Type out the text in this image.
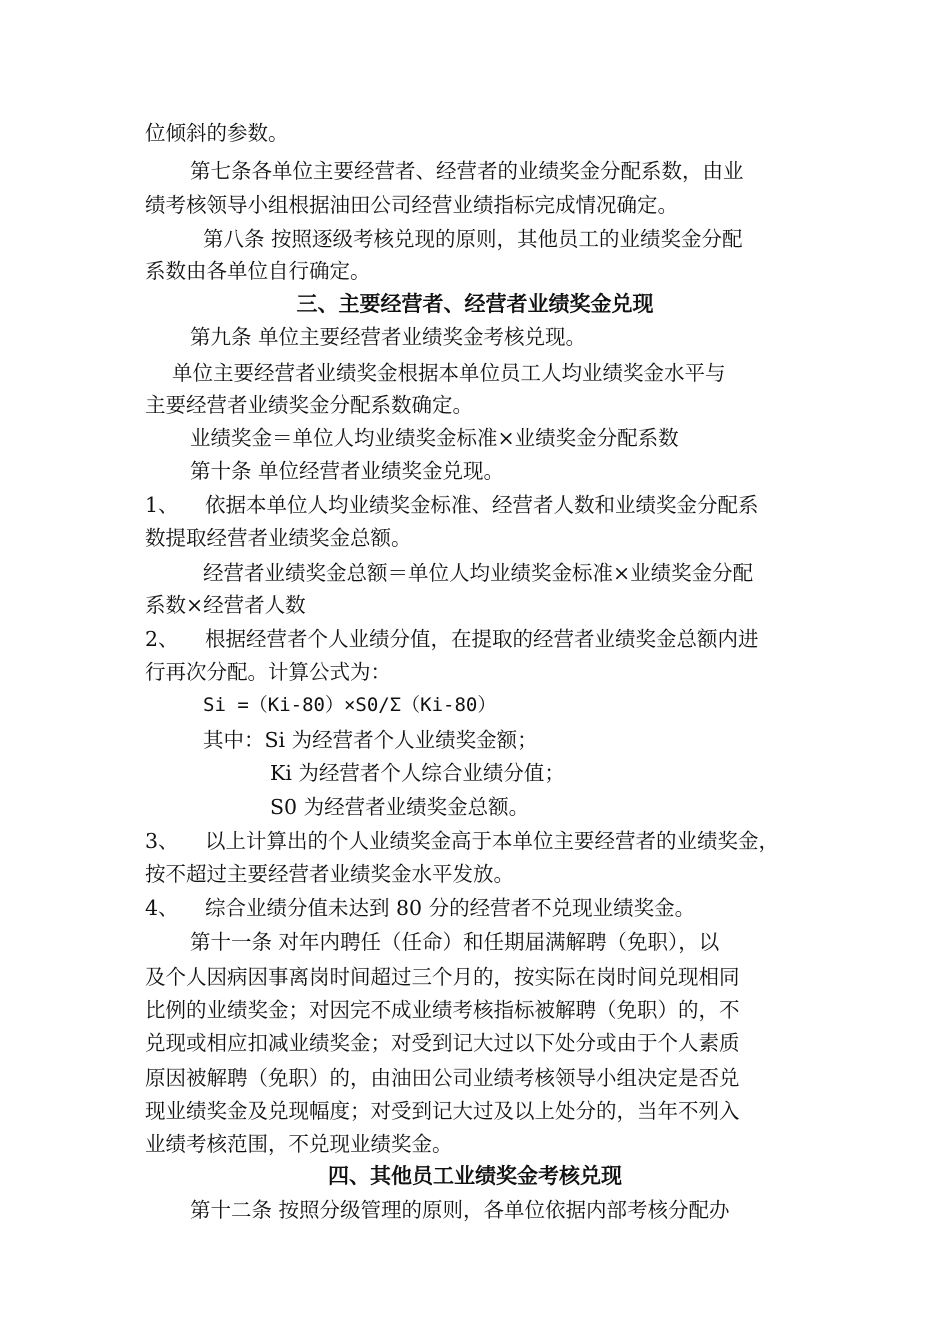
位倾斜的参数。
第七条各单位主要经营者、经营者的业绩奖金分配系数，由业
绩考核领导小组根据油田公司经营业绩指标完成情况确定。
第八条 按照逐级考核兑现的原则，其他员工的业绩奖金分配
系数由各单位自行确定。
三、主要经营者、经营者业绩奖金兑现
第九条 单位主要经营者业绩奖金考核兑现。
单位主要经营者业绩奖金根据本单位员工人均业绩奖金水平与
主要经营者业绩奖金分配系数确定。
业绩奖金＝单位人均业绩奖金标准×业绩奖金分配系数
第十条 单位经营者业绩奖金兑现。
1、 依据本单位人均业绩奖金标准、经营者人数和业绩奖金分配系
数提取经营者业绩奖金总额。
经营者业绩奖金总额＝单位人均业绩奖金标准×业绩奖金分配
系数×经营者人数
2、 根据经营者个人业绩分值，在提取的经营者业绩奖金总额内进
行再次分配。计算公式为：
Si =（Ki-80）×S0/Σ（Ki-80）
其中：Si 为经营者个人业绩奖金额；
Ki 为经营者个人综合业绩分值；
S0 为经营者业绩奖金总额。
3、 以上计算出的个人业绩奖金高于本单位主要经营者的业绩奖金，
按不超过主要经营者业绩奖金水平发放。
4、 综合业绩分值未达到 80 分的经营者不兑现业绩奖金。
第十一条 对年内聘任（任命）和任期届满解聘（免职），以
及个人因病因事离岗时间超过三个月的，按实际在岗时间兑现相同
比例的业绩奖金；对因完不成业绩考核指标被解聘（免职）的，不
兑现或相应扣减业绩奖金；对受到记大过以下处分或由于个人素质
原因被解聘（免职）的，由油田公司业绩考核领导小组决定是否兑
现业绩奖金及兑现幅度；对受到记大过及以上处分的，当年不列入
业绩考核范围，不兑现业绩奖金。
四、其他员工业绩奖金考核兑现
第十二条 按照分级管理的原则，各单位依据内部考核分配办
